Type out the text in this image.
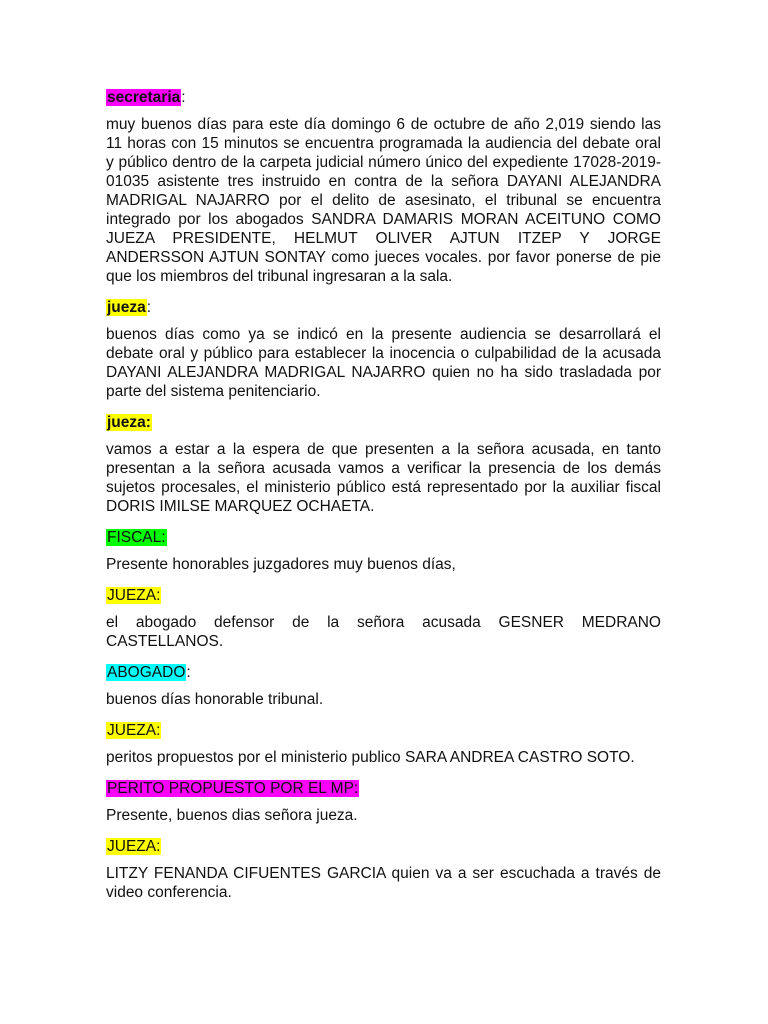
secretaria:
muy buenos días para este día domingo 6 de octubre de año 2,019 siendo las 11 horas con 15 minutos se encuentra programada la audiencia del debate oral y público dentro de la carpeta judicial número único del expediente 17028-2019-01035 asistente tres instruido en contra de la señora DAYANI ALEJANDRA MADRIGAL NAJARRO por el delito de asesinato, el tribunal se encuentra integrado por los abogados SANDRA DAMARIS MORAN ACEITUNO COMO JUEZA PRESIDENTE, HELMUT OLIVER AJTUN ITZEP Y JORGE ANDERSSON AJTUN SONTAY como jueces vocales. por favor ponerse de pie que los miembros del tribunal ingresaran a la sala.
jueza:
buenos días como ya se indicó en la presente audiencia se desarrollará el debate oral y público para establecer la inocencia o culpabilidad de la acusada DAYANI ALEJANDRA MADRIGAL NAJARRO quien no ha sido trasladada por parte del sistema penitenciario.
jueza:
vamos a estar a la espera de que presenten a la señora acusada, en tanto presentan a la señora acusada vamos a verificar la presencia de los demás sujetos procesales, el ministerio público está representado por la auxiliar fiscal DORIS IMILSE MARQUEZ OCHAETA.
FISCAL:
Presente honorables juzgadores muy buenos días,
JUEZA:
el abogado defensor de la señora acusada GESNER MEDRANO CASTELLANOS.
ABOGADO:
buenos días honorable tribunal.
JUEZA:
peritos propuestos por el ministerio publico SARA ANDREA CASTRO SOTO.
PERITO PROPUESTO POR EL MP:
Presente, buenos dias señora jueza.
JUEZA:
LITZY FENANDA CIFUENTES GARCIA quien va a ser escuchada a través de video conferencia.
